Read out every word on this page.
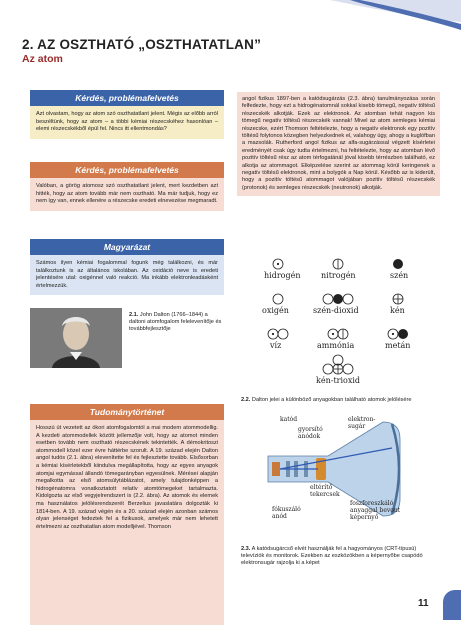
2. AZ OSZTHATÓ „OSZTHATATLAN”
Az atom
Kérdés, problémafelvetés

Azt olvastam, hogy az atom szó oszthatatlant jelent. Mégis az előbb arról beszéltünk, hogy az atom – a többi kémiai részecskéhez hasonlóan – elemi részecskékből épül fel. Nincs itt ellentmondás?

Kérdés, problémafelvetés

Valóban, a görög atomosz szó oszthatatlant jelent, mert kezdetben azt hitték, hogy az atom tovább már nem osztható. Ma már tudjuk, hogy ez nem így van, ennek ellenére a részecske eredeti elnevezése megmaradt.

Magyarázat

Számos ilyen kémiai fogalommal fogunk még találkozni, és már találkoztunk is az általános iskolában. Az oxidáció neve is eredeti jelentésére utal: oxigénnel való reakció. Ma inkább elektronleadásként értelmezzük.

2.1. John Dalton (1766–1844) a daltoni atomfogalom felelevenítője és továbbfejlesztője
Tudománytörténet

Hosszú út vezetett az ókori atomfogalomtól a mai modern atommodellig. A kezdeti atommodellek között jellemzője volt, hogy az atomot minden esetben tovább nem osztható részecskének tekintették. A démokritoszi atommodell közel ezer évre háttérbe szorult. A 19. század elején Dalton angol tudós (2.1. ábra) elevenítette fel és fejlesztette tovább. Elsősorban a kémiai kísérletekből kiindulva megállapította, hogy az egyes anyagok atomjai egymással állandó tömegarányban egyesülnek. Mérései alapján megalkotta az első atomsúlytáblázatot, amely tulajdonképpen a hidrogénatomra vonatkoztatott relatív atomtömegeket tartalmazta. Kidolgozta az első vegyjelrendszert is (2.2. ábra). Az atomok és elemek ma használatos jelölésrendszerét Berzelius javaslatára dolgozták ki 1814-ben. A 19. század végén és a 20. század elején azonban számos olyan jelenséget fedeztek fel a fizikusok, amelyek már nem lehetett értelmezni az oszthatatlan atom modelljével. Thomson

angol fizikus 1897-ben a katódsugárzás (2.3. ábra) tanulmányozása során felfedezte, hogy ezt a hidrogénatomnál sokkal kisebb tömegű, negatív töltésű részecskék alkotják. Ezek az elektronok. Az atomban tehát nagyon kis tömegű negatív töltésű részecskék vannak! Mivel az atom semleges kémiai részecske, ezért Thomson feltételezte, hogy a negatív elektronok egy pozitív töltésű folytonos közegben helyezkednek el, valahogy úgy, ahogy a kuglófban a mazsolák. Rutherford angol fizikus az alfa-sugárzással végzett kísérletei eredményét csak úgy tudta értelmezni, ha feltételezte, hogy az atomban lévő pozitív töltésű rész az atom térfogatánál jóval kisebb térrészben található, ez alkotja az atommagot. Elképzelése szerint az atommag körül keringenek a negatív töltésű elektronok, mint a bolygók a Nap körül. Később az is kiderült, hogy a pozitív töltésű atommagot valójában pozitív töltésű részecskék (protonok) és semleges részecskék (neutronok) alkotják.

hidrogén	nitrogén	szén
oxigén	szén-dioxid	kén
víz	ammónia	metán
kén-trioxid
2.2. Dalton jelei a különböző anyagokban található atomok jelölésére
katód
gyorsító anódok
elektron-sugár
eltérítő tekercsek
fókuszáló anód
foszforeszkáló anyaggal bevont képernyő
2.3. A katódsugárcső elvét használják fel a hagyományos (CRT-típusú) televíziók és monitorok. Ezekben az eszközökben a képernyőbe csapódó elektronsugár rajzolja ki a képet
11
